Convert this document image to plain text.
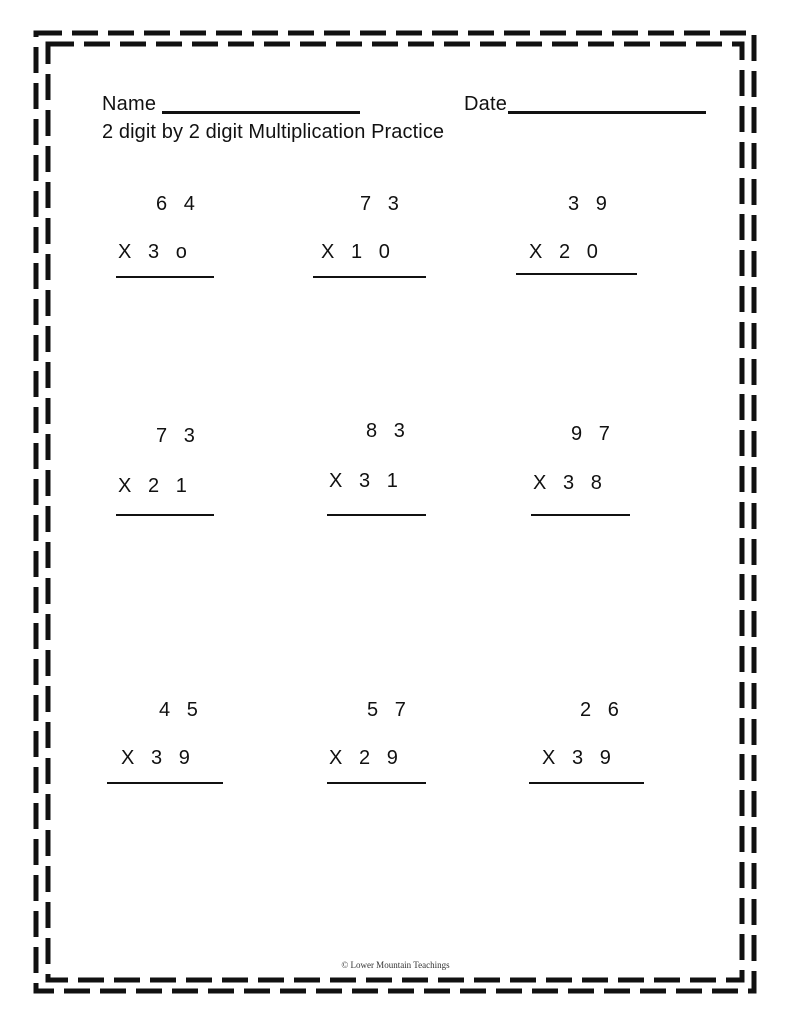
Name	Date
2 digit by 2 digit Multiplication Practice
6   4
X   3   o
7   3
X   1   0
3   9
X   2   0
7   3
X   2   1
8   3
X   3   1
9   7
X   3   8
4   5
X   3   9
5   7
X   2   9
2   6
X   3   9
© Lower Mountain Teachings
